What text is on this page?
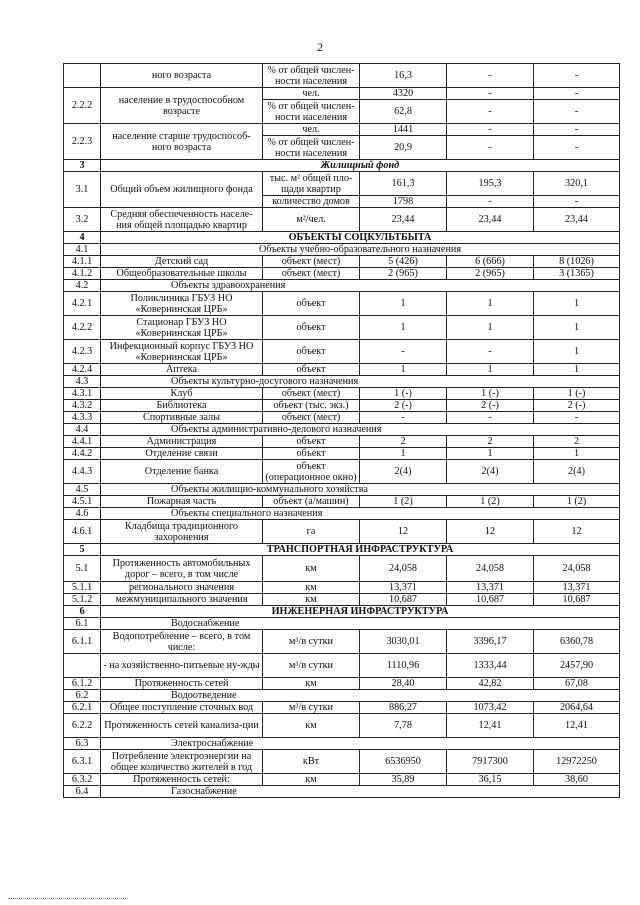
2
	ного возраста	% от общей числен-ности населения	16,3	-	-
2.2.2	население в трудоспособном возрасте	чел.	4320	-	-
		% от общей числен-ности населения	62,8	-	-
2.2.3	население старше трудоспособ-ного возраста	чел.	1441	-	-
		% от общей числен-ности населения	20,9	-	-
3	Жилищный фонд				
3.1	Общий объем жилищного фонда	тыс. м² общей пло-щади квартир	161,3	195,3	320,1
		количество домов	1798	-	-
3.2	Средняя обеспеченность населе-ния общей площадью квартир	м²/чел.	23,44	23,44	23,44
4	ОБЪЕКТЫ СОЦКУЛЬТБЫТА				
4.1	Объекты учебно-образовательного назначения				
4.1.1	Детский сад	объект (мест)	5 (426)	6 (666)	8 (1026)
4.1.2	Общеобразовательные школы	объект (мест)	2 (965)	2 (965)	3 (1365)
4.2	Объекты здравоохранения				
4.2.1	Поликлиника ГБУЗ НО «Ковернинская ЦРБ»	объект	1	1	1
4.2.2	Стационар ГБУЗ НО «Ковернинская ЦРБ»	объект	1	1	1
4.2.3	Инфекционный корпус ГБУЗ НО «Ковернинская ЦРБ»	объект	-	-	1
4.2.4	Аптека	объект	1	1	1
4.3	Объекты культурно-досугового назначения				
4.3.1	Клуб	объект (мест)	1 (-)	1 (-)	1 (-)
4.3.2	Библиотека	объект (тыс. экз.)	2 (-)	2 (-)	2 (-)
4.3.3	Спортивные залы	объект (мест)	-	-	-
4.4	Объекты административно-делового назначения				
4.4.1	Администрация	объект	2	2	2
4.4.2	Отделение связи	объект	1	1	1
4.4.3	Отделение банка	объект (операционное окно)	2(4)	2(4)	2(4)
4.5	Объекты жилищно-коммунального хозяйства				
4.5.1	Пожарная часть	объект (а/машин)	1 (2)	1 (2)	1 (2)
4.6	Объекты специального назначения				
4.6.1	Кладбища традиционного захоронения	га	12	12	12
5	ТРАНСПОРТНАЯ ИНФРАСТРУКТУРА				
5.1	Протяженность автомобильных дорог – всего, в том числе	км	24,058	24,058	24,058
5.1.1	регионального значения	км	13,371	13,371	13,371
5.1.2	межмуниципального значения	км	10,687	10,687	10,687
6	ИНЖЕНЕРНАЯ ИНФРАСТРУКТУРА				
6.1	Водоснабжение				
6.1.1	Водопотребление – всего, в том числе:	м³/в сутки	3030,01	3396,17	6360,78
	- на хозяйственно-питьевые ну-жды	м³/в сутки	1110,96	1333,44	2457,90
6.1.2	Протяженность сетей	км	28,40	42,82	67,08
6.2	Водоотведение				
6.2.1	Общее поступление сточных вод	м³/в сутки	886,27	1073,42	2064,64
6.2.2	Протяженность сетей канализа-ции	км	7,78	12,41	12,41
6.3	Электроснабжение				
6.3.1	Потребление электроэнергии на общее количество жителей в год	кВт	6536950	7917300	12972250
6.3.2	Протяженность сетей:	км	35,89	36,15	38,60
6.4	Газоснабжение				
